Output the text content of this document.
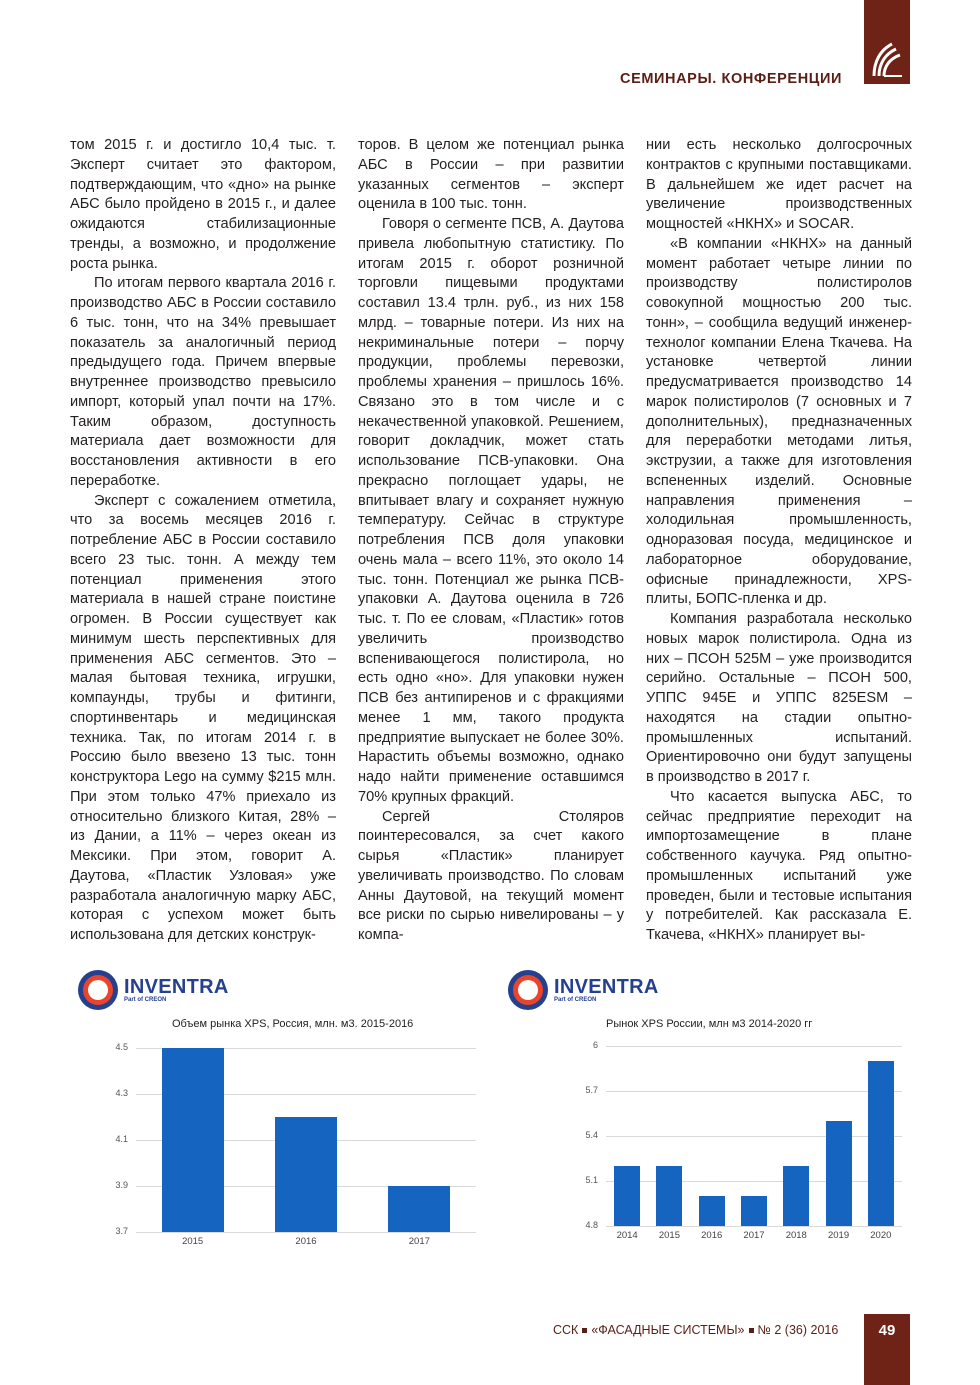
СЕМИНАРЫ. КОНФЕРЕНЦИИ

том 2015 г. и достигло 10,4 тыс. т. Эксперт считает это фактором, подтверждающим, что «дно» на рынке АБС было пройдено в 2015 г., и далее ожидаются стабилизационные тренды, а возможно, и продолжение роста рынка.

По итогам первого квартала 2016 г. производство АБС в России составило 6 тыс. тонн, что на 34% превышает показатель за аналогичный период предыдущего года. Причем впервые внутреннее производство превысило импорт, который упал почти на 17%. Таким образом, доступность материала дает возможности для восстановления активности в его переработке.

Эксперт с сожалением отметила, что за восемь месяцев 2016 г. потребление АБС в России составило всего 23 тыс. тонн. А между тем потенциал применения этого материала в нашей стране поистине огромен. В России существует как минимум шесть перспективных для применения АБС сегментов. Это – малая бытовая техника, игрушки, компаунды, трубы и фитинги, спортинвентарь и медицинская техника. Так, по итогам 2014 г. в Россию было ввезено 13 тыс. тонн конструктора Lego на сумму $215 млн. При этом только 47% приехало из относительно близкого Китая, 28% – из Дании, а 11% – через океан из Мексики. При этом, говорит А. Даутова, «Пластик Узловая» уже разработала аналогичную марку АБС, которая с успехом может быть использована для детских конструк-

торов. В целом же потенциал рынка АБС в России – при развитии указанных сегментов – эксперт оценила в 100 тыс. тонн.

Говоря о сегменте ПСВ, А. Даутова привела любопытную статистику. По итогам 2015 г. оборот розничной торговли пищевыми продуктами составил 13.4 трлн. руб., из них 158 млрд. – товарные потери. Из них на некриминальные потери – порчу продукции, проблемы перевозки, проблемы хранения – пришлось 16%. Связано это в том числе и с некачественной упаковкой. Решением, говорит докладчик, может стать использование ПСВ-упаковки. Она прекрасно поглощает удары, не впитывает влагу и сохраняет нужную температуру. Сейчас в структуре потребления ПСВ доля упаковки очень мала – всего 11%, это около 14 тыс. тонн. Потенциал же рынка ПСВ-упаковки А. Даутова оценила в 726 тыс. т. По ее словам, «Пластик» готов увеличить производство вспенивающегося полистирола, но есть одно «но». Для упаковки нужен ПСВ без антипиренов и с фракциями менее 1 мм, такого продукта предприятие выпускает не более 30%. Нарастить объемы возможно, однако надо найти применение оставшимся 70% крупных фракций.

Сергей Столяров поинтересовался, за счет какого сырья «Пластик» планирует увеличивать производство. По словам Анны Даутовой, на текущий момент все риски по сырью нивелированы – у компа-

нии есть несколько долгосрочных контрактов с крупными поставщиками. В дальнейшем же идет расчет на увеличение производственных мощностей «НКНХ» и SOCAR.

«В компании «НКНХ» на данный момент работает четыре линии по производству полистиролов совокупной мощностью 200 тыс. тонн», – сообщила ведущий инженер-технолог компании Елена Ткачева. На установке четвертой линии предусматривается производство 14 марок полистиролов (7 основных и 7 дополнительных), предназначенных для переработки методами литья, экструзии, а также для изготовления вспененных изделий. Основные направления применения – холодильная промышленность, одноразовая посуда, медицинское и лабораторное оборудование, офисные принадлежности, XPS-плиты, БОПС-пленка и др.

Компания разработала несколько новых марок полистирола. Одна из них – ПСОН 525М – уже производится серийно. Остальные – ПСОН 500, УППС 945Е и УППС 825ESM – находятся на стадии опытно-промышленных испытаний. Ориентировочно они будут запущены в производство в 2017 г.

Что касается выпуска АБС, то сейчас предприятие переходит на импортозамещение в плане собственного каучука. Ряд опытно-промышленных испытаний уже проведен, были и тестовые испытания у потребителей. Как рассказала Е. Ткачева, «НКНХ» планирует вы-

INVENTRA
Part of CREON
Объем рынка XPS, Россия, млн. м3. 2015-2016
4.5
4.3
4.1
3.9
3.7
2015	2016	2017
INVENTRA
Part of CREON
Рынок XPS России, млн м3 2014-2020 гг
6
5.7
5.4
5.1
4.8
2014	2015	2016	2017	2018	2019	2020
ССК «ФАСАДНЫЕ СИСТЕМЫ» № 2 (36) 2016	49
